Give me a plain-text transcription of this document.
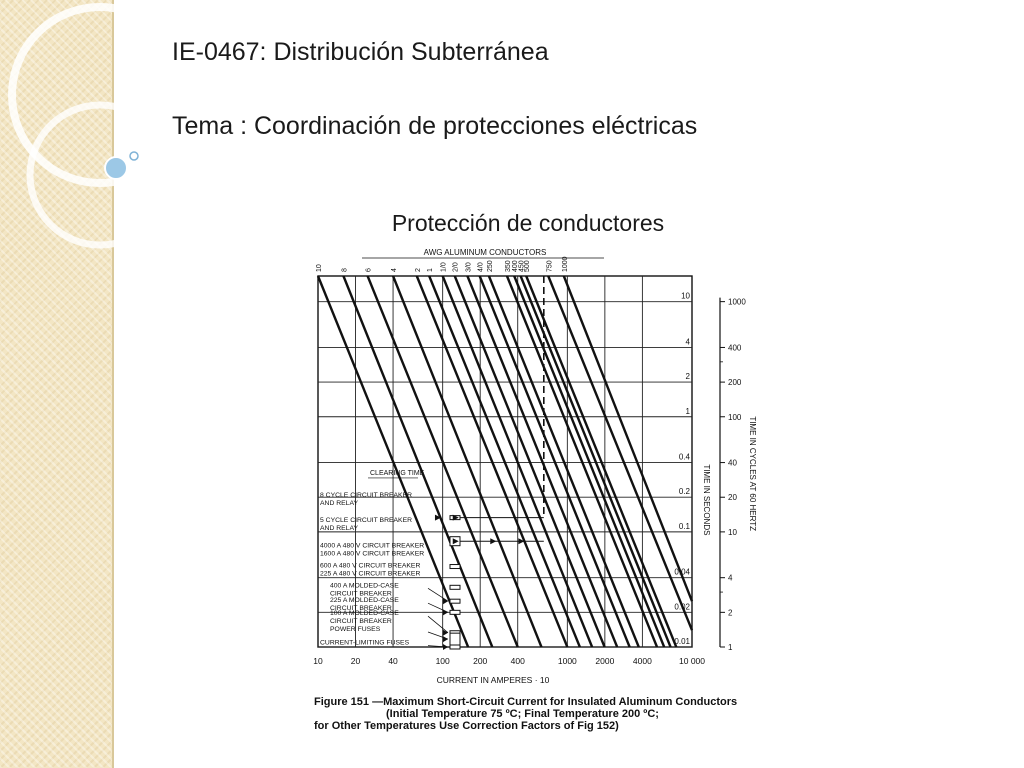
IE-0467: Distribución Subterránea
Tema : Coordinación de protecciones eléctricas
Protección de conductores
10	8 6	4 2 1 1/0 2/0 3/0 4/0 250 350 400 450
500 750 1000
CLEARING TIME
8 CYCLE CIRCUIT BREAKER
AND RELAY
5 CYCLE CIRCUIT BREAKER
AND RELAY
4000 A 480 V CIRCUIT BREAKER
1600 A 480 V CIRCUIT BREAKER
600 A 480 V CIRCUIT BREAKER
225 A 480 V CIRCUIT BREAKER
400 A MOLDED-CASE
CIRCUIT BREAKER
225 A MOLDED-CASE
CIRCUIT BREAKER
100 A MOLDED-CASE
CIRCUIT BREAKER
POWER FUSES
CURRENT-LIMITING FUSES
AWG ALUMINUM CONDUCTORS
10	20	40	100	200	400	1000 2000 4000	10 000
CURRENT IN AMPERES · 10
10
4
2
1
0.4
0.2
0.1
0.04
0.02
0.01
1000
400
200
100
40
20
10
4
2
1
TIME IN SECONDS	TIME IN CYCLES AT 60 HERTZ
Figure 151 —Maximum Short-Circuit Current for Insulated Aluminum Conductors
(Initial Temperature 75 ºC; Final Temperature 200 ºC;
for Other Temperatures Use Correction Factors of Fig 152)
